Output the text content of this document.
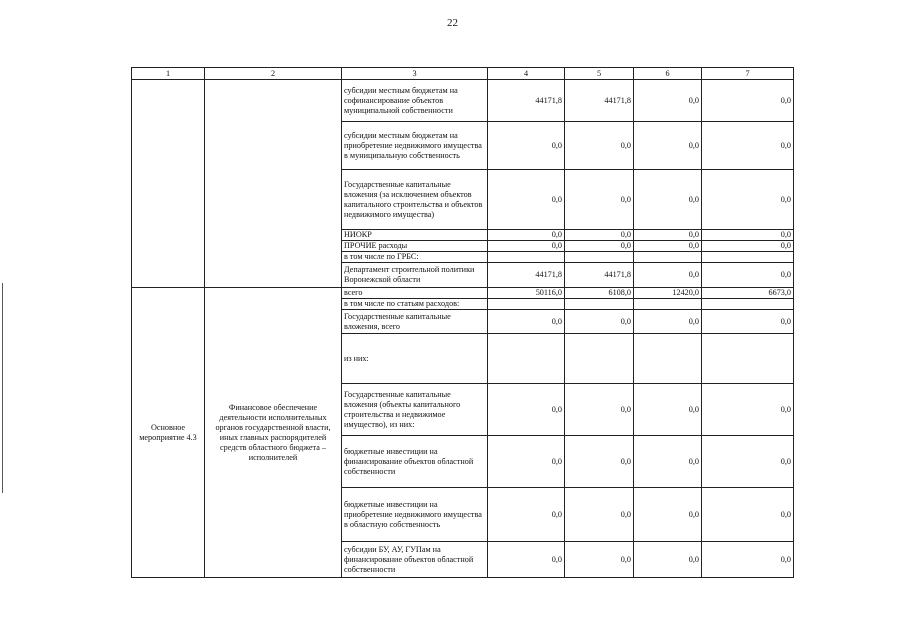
22
1	2	3	4	5	6	7
		субсидии местным бюджетам на софинансирование объектов муниципальной собственности	44171,8	44171,8	0,0	0,0
		субсидии местным бюджетам на приобретение недвижимого имущества в муниципальную собственность	0,0	0,0	0,0	0,0
		Государственные капитальные вложения (за исключением объектов капитального строительства и объектов недвижимого имущества)	0,0	0,0	0,0	0,0
		НИОКР	0,0	0,0	0,0	0,0
		ПРОЧИЕ расходы	0,0	0,0	0,0	0,0
		в том числе по ГРБС:				
		Департамент строительной политики Воронежской области	44171,8	44171,8	0,0	0,0
Основное мероприятие 4.3	Финансовое обеспечение деятельности исполнительных органов государственной власти, иных главных распорядителей средств областного бюджета – исполнителей	всего	50116,0	6108,0	12420,0	6673,0
		в том числе по статьям расходов:				
		Государственные капитальные вложения, всего	0,0	0,0	0,0	0,0
		из них:				
		Государственные капитальные вложения (объекты капитального строительства и недвижимое имущество), из них:	0,0	0,0	0,0	0,0
		бюджетные инвестиции на финансирование объектов областной собственности	0,0	0,0	0,0	0,0
		бюджетные инвестиции на приобретение недвижимого имущества в областную собственность	0,0	0,0	0,0	0,0
		субсидии БУ, АУ, ГУПам на финансирование объектов областной собственности	0,0	0,0	0,0	0,0
